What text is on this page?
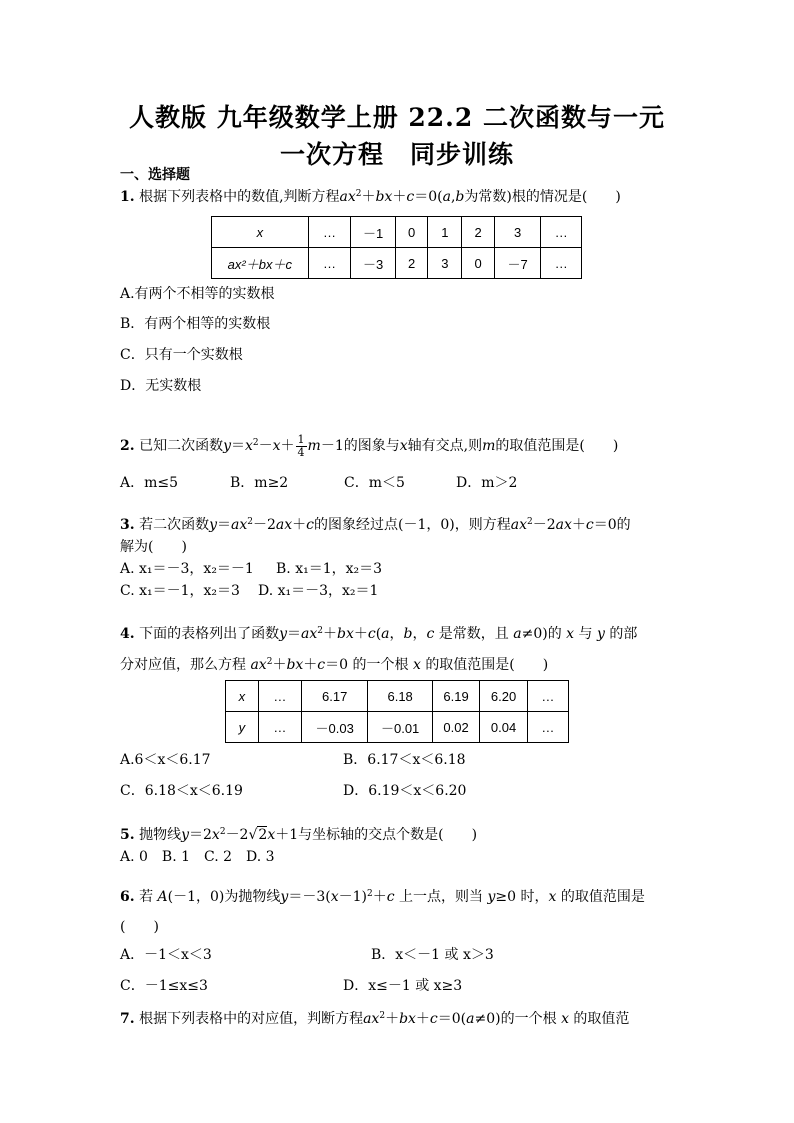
人教版 九年级数学上册 22.2 二次函数与一元
一次方程　同步训练
一、选择题
1. 根据下列表格中的数值,判断方程$ax^2+bx+c=0(a,b$为常数)根的情况是(　　)
x	…	－1	0	1	2	3	…
ax²＋bx＋c	…	－3	2	3	0	－7	…
A.有两个不相等的实数根
B．有两个相等的实数根
C．只有一个实数根
D．无实数根
2. 已知二次函数$y=x^2-x+ \frac{1}{4} m-1$的图象与x轴有交点,则m的取值范围是(　　)
A．m≤5	B．m≥2	C．m＜5	D．m＞2
3. 若二次函数$y=ax^2-2ax+c$的图象经过点(－1，0)，则方程$ax^2-2ax+c=0$的
解为(　　)
A. x₁＝－3，x₂＝－1 B. x₁＝1，x₂＝3
C. x₁＝－1，x₂＝3 D. x₁＝－3，x₂＝1
4. 下面的表格列出了函数$y=ax^2+bx+c(a$，b，c 是常数，且 a≠0)的 x 与 y 的部
分对应值，那么方程 $ax^2+bx+c=0$ 的一个根 x 的取值范围是(　　)
x	…	6.17	6.18	6.19	6.20	…
y	…	－0.03	－0.01	0.02	0.04	…
A.6＜x＜6.17	B．6.17＜x＜6.18
C．6.18＜x＜6.19	D．6.19＜x＜6.20
5. 抛物线$y=2x^2-2√2x+1$与坐标轴的交点个数是(　　)
A. 0　B. 1　C. 2　D. 3
6. 若 A(－1，0)为抛物线$y=-3(x-1)^2+c$ 上一点，则当 y≥0 时，x 的取值范围是
(　　)
A．－1＜x＜3	B．x＜－1 或 x＞3
C．－1≤x≤3	D．x≤－1 或 x≥3
7. 根据下列表格中的对应值，判断方程$ax^2+bx+c=0(a\ne 0)$的一个根 x 的取值范
